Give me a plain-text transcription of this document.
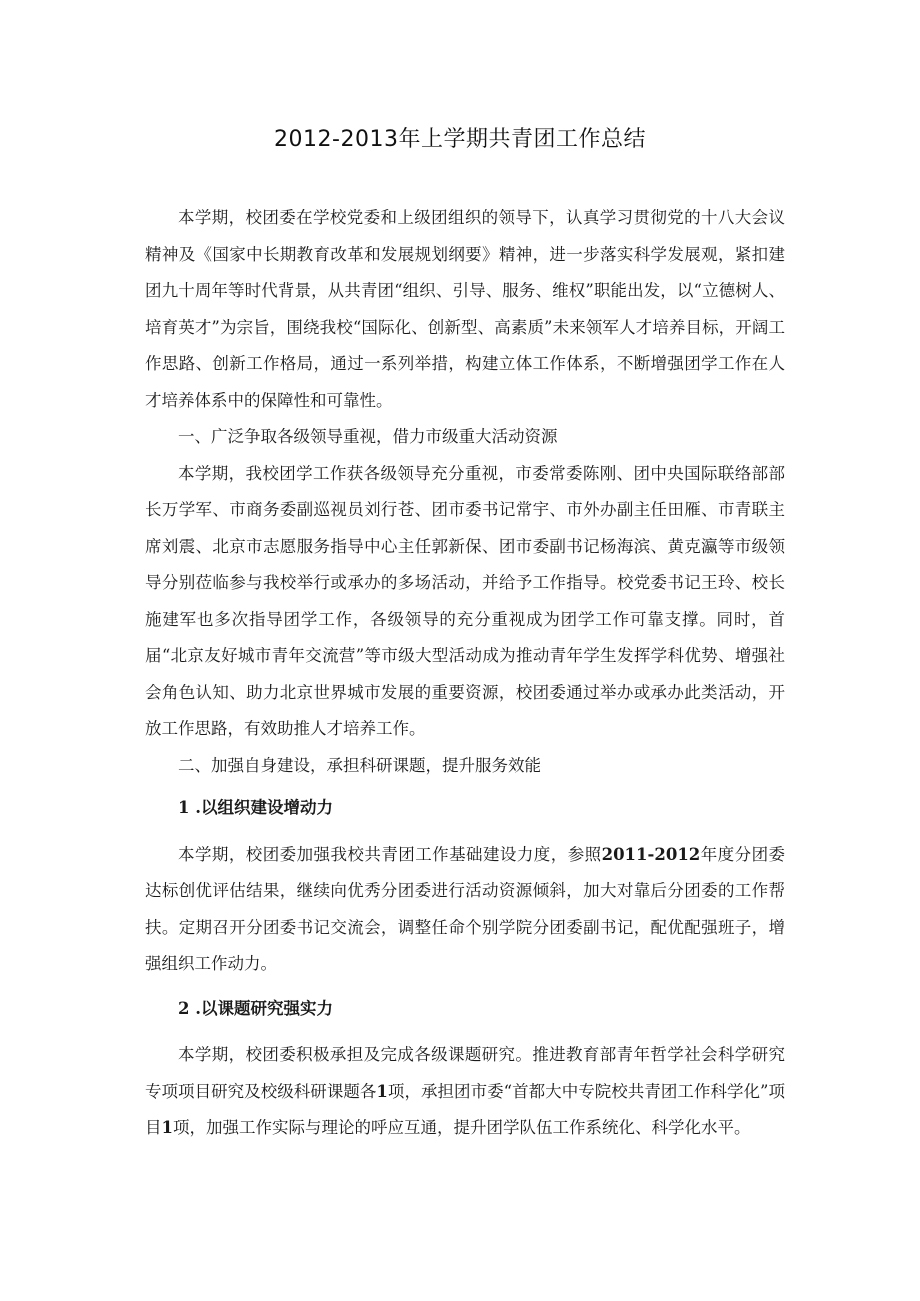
2012-2013年上学期共青团工作总结

本学期，校团委在学校党委和上级团组织的领导下，认真学习贯彻党的十八大会议精神及《国家中长期教育改革和发展规划纲要》精神，进一步落实科学发展观，紧扣建团九十周年等时代背景，从共青团“组织、引导、服务、维权”职能出发，以“立德树人、培育英才”为宗旨，围绕我校“国际化、创新型、高素质”未来领军人才培养目标，开阔工作思路、创新工作格局，通过一系列举措，构建立体工作体系，不断增强团学工作在人才培养体系中的保障性和可靠性。

一、广泛争取各级领导重视，借力市级重大活动资源

本学期，我校团学工作获各级领导充分重视，市委常委陈刚、团中央国际联络部部长万学军、市商务委副巡视员刘行苍、团市委书记常宇、市外办副主任田雁、市青联主席刘震、北京市志愿服务指导中心主任郭新保、团市委副书记杨海滨、黄克瀛等市级领导分别莅临参与我校举行或承办的多场活动，并给予工作指导。校党委书记王玲、校长施建军也多次指导团学工作，各级领导的充分重视成为团学工作可靠支撑。同时，首届“北京友好城市青年交流营”等市级大型活动成为推动青年学生发挥学科优势、增强社会角色认知、助力北京世界城市发展的重要资源，校团委通过举办或承办此类活动，开放工作思路，有效助推人才培养工作。

二、加强自身建设，承担科研课题，提升服务效能

1 .以组织建设增动力

本学期，校团委加强我校共青团工作基础建设力度，参照2011-2012年度分团委达标创优评估结果，继续向优秀分团委进行活动资源倾斜，加大对靠后分团委的工作帮扶。定期召开分团委书记交流会，调整任命个别学院分团委副书记，配优配强班子，增强组织工作动力。

2 .以课题研究强实力

本学期，校团委积极承担及完成各级课题研究。推进教育部青年哲学社会科学研究专项项目研究及校级科研课题各1项，承担团市委“首都大中专院校共青团工作科学化”项目1项，加强工作实际与理论的呼应互通，提升团学队伍工作系统化、科学化水平。
